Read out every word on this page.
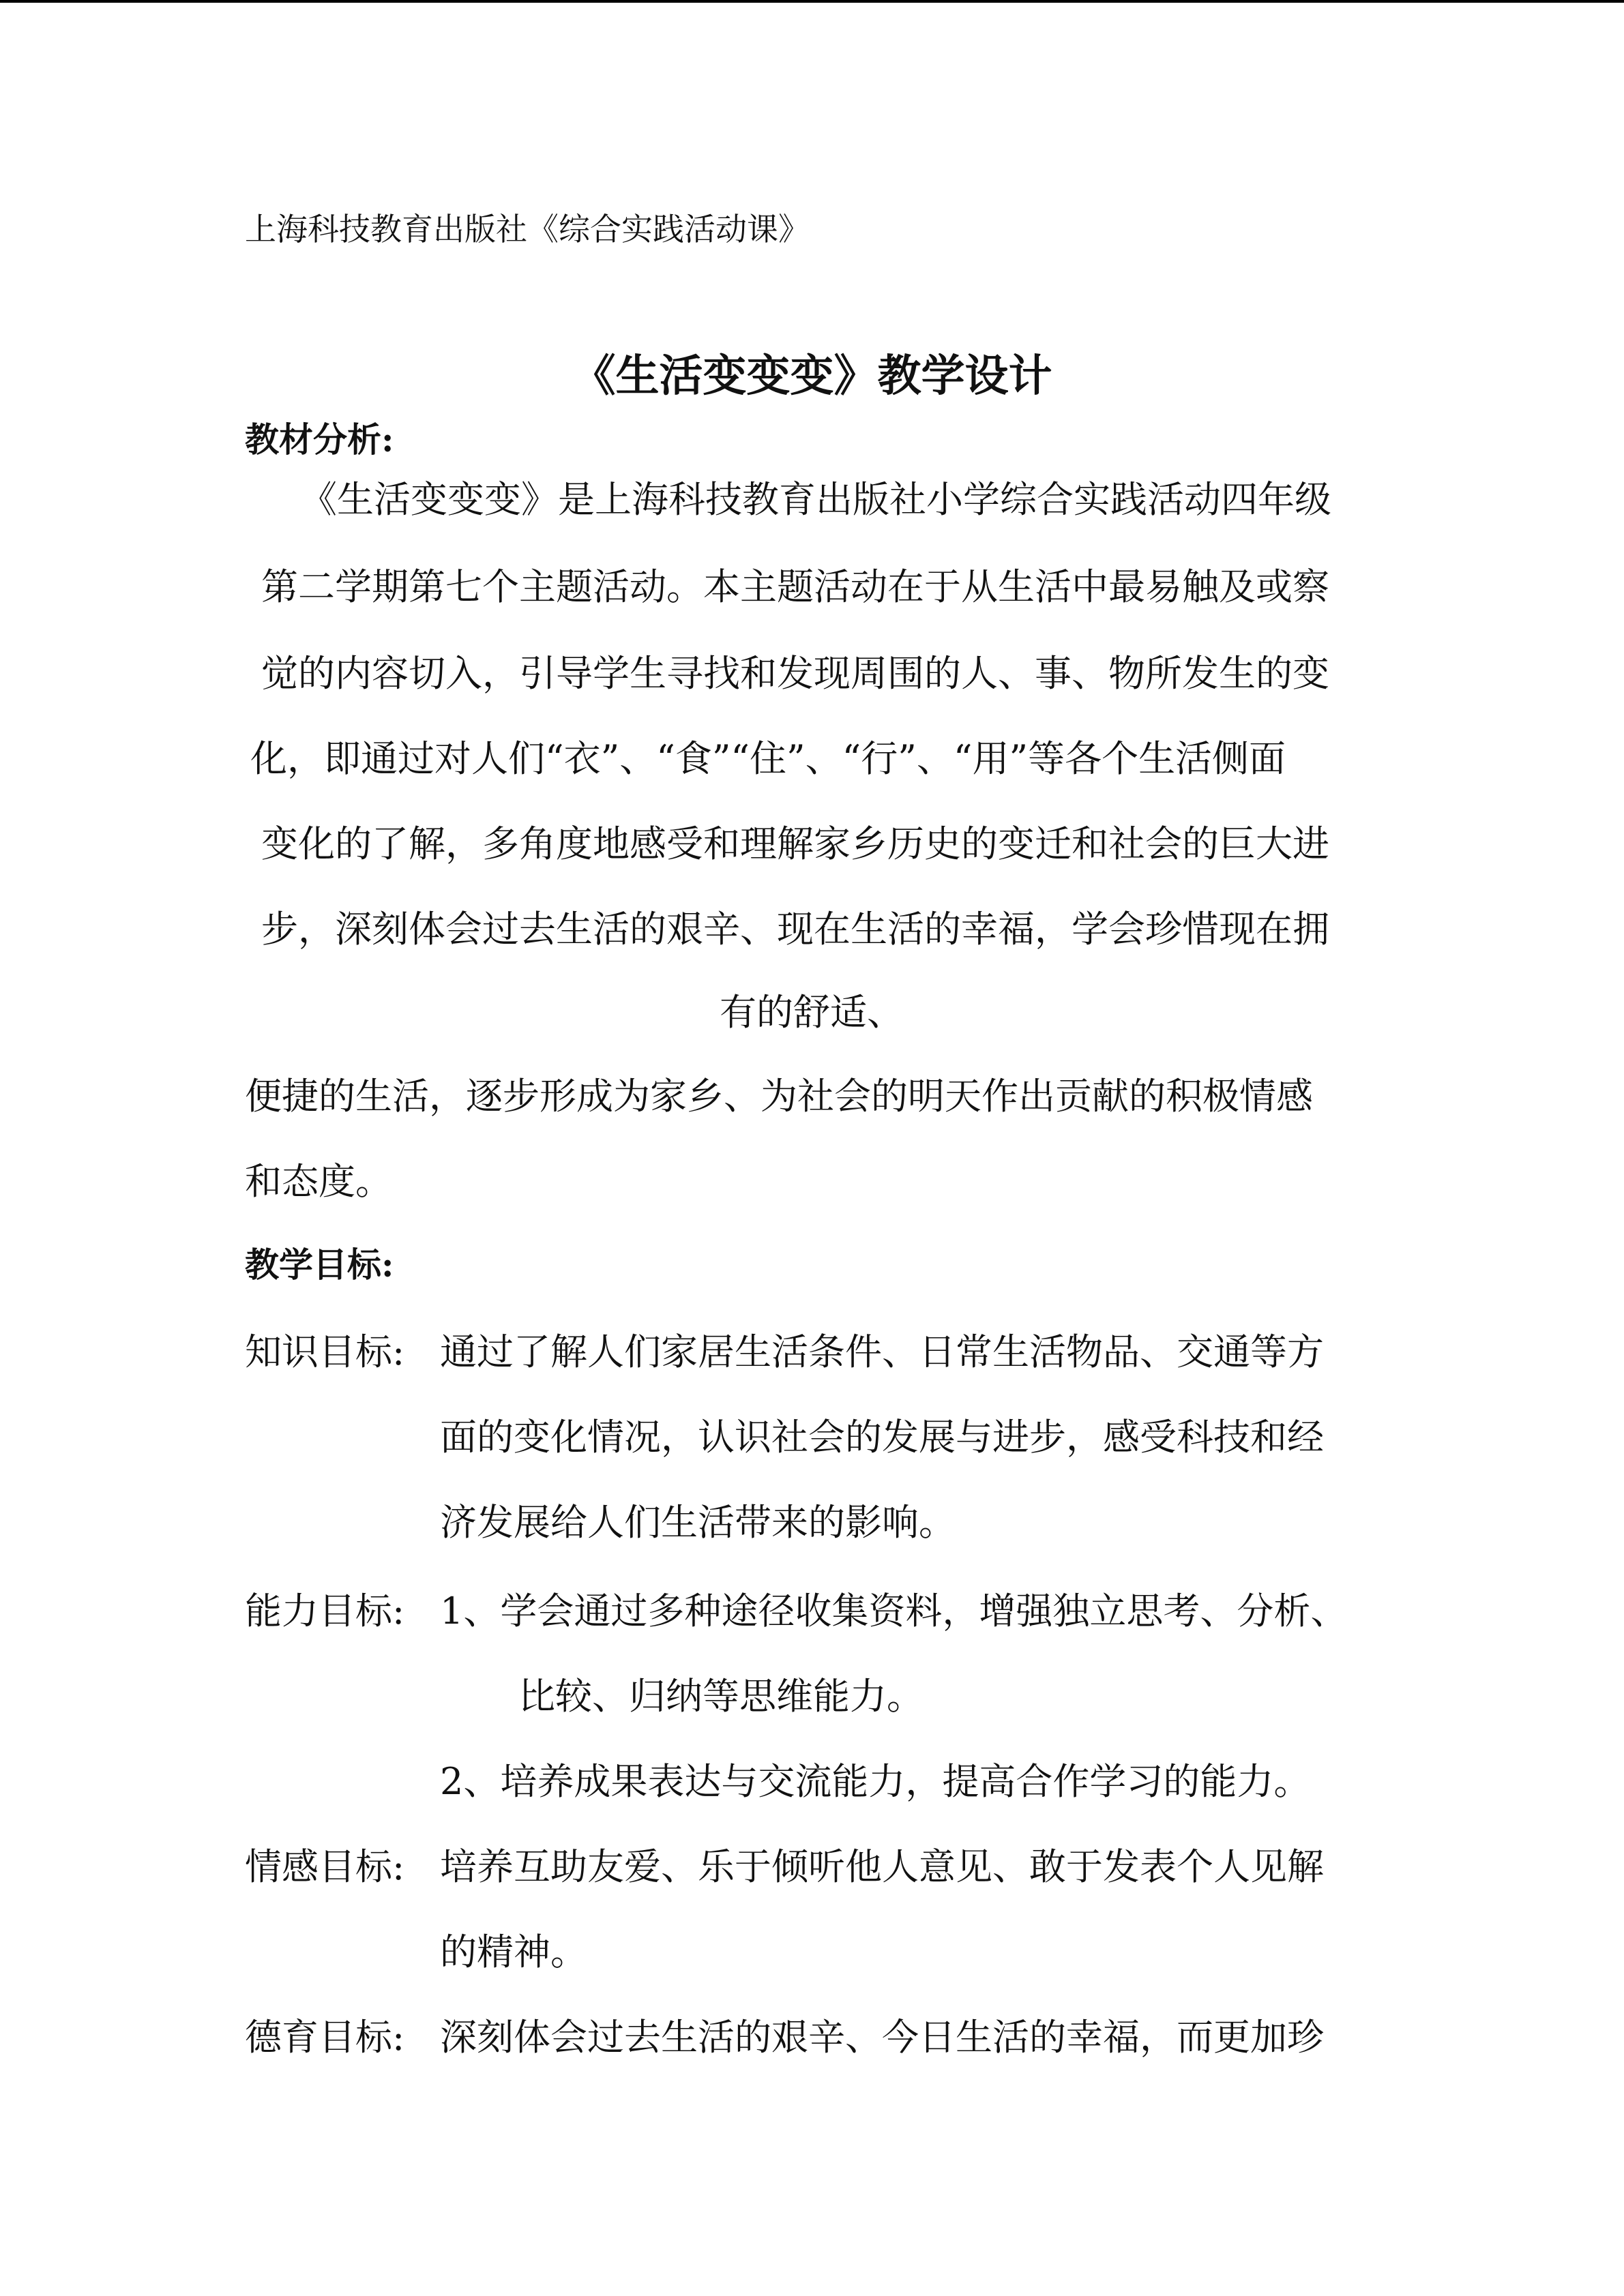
上海科技教育出版社《综合实践活动课》
《生活变变变》教学设计
教材分析:
《生活变变变》是上海科技教育出版社小学综合实践活动四年级
第二学期第七个主题活动。本主题活动在于从生活中最易触及或察
觉的内容切入，引导学生寻找和发现周围的人、事、物所发生的变
化，即通过对人们“衣”、“食”“住”、“行”、“用”等各个生活侧面
变化的了解，多角度地感受和理解家乡历史的变迁和社会的巨大进
步，深刻体会过去生活的艰辛、现在生活的幸福，学会珍惜现在拥
有的舒适、
便捷的生活，逐步形成为家乡、为社会的明天作出贡献的积极情感
和态度。
教学目标:
知识目标: 通过了解人们家居生活条件、日常生活物品、交通等方
面的变化情况，认识社会的发展与进步，感受科技和经
济发展给人们生活带来的影响。
能力目标: 1、学会通过多种途径收集资料，增强独立思考、分析、
比较、归纳等思维能力。
2、培养成果表达与交流能力，提高合作学习的能力。
情感目标: 培养互助友爱、乐于倾听他人意见、敢于发表个人见解
的精神。
德育目标: 深刻体会过去生活的艰辛、今日生活的幸福，而更加珍
